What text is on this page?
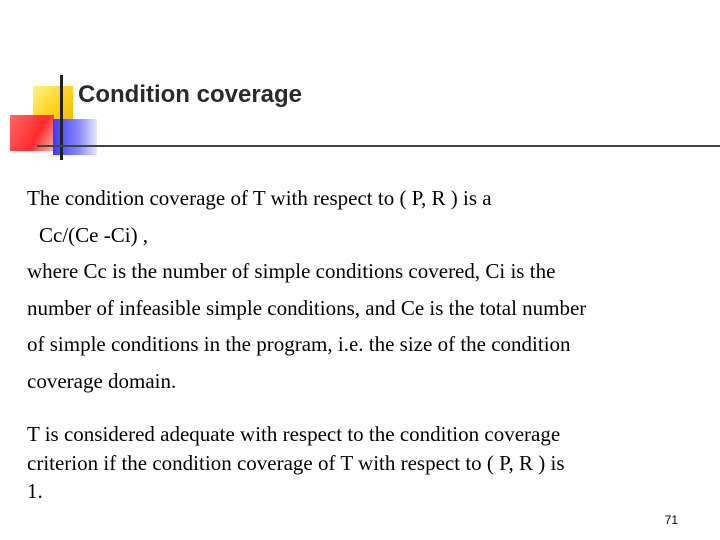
Condition coverage
The condition coverage of T with respect to ( P, R ) is a
Cc/(Ce -Ci) ,
where Cc is the number of simple conditions covered, Ci is the
number of infeasible simple conditions, and Ce is the total number
of simple conditions in the program, i.e. the size of the condition
coverage domain.
T is considered adequate with respect to the condition coverage
criterion if the condition coverage of T with respect to ( P, R ) is
1.
71
